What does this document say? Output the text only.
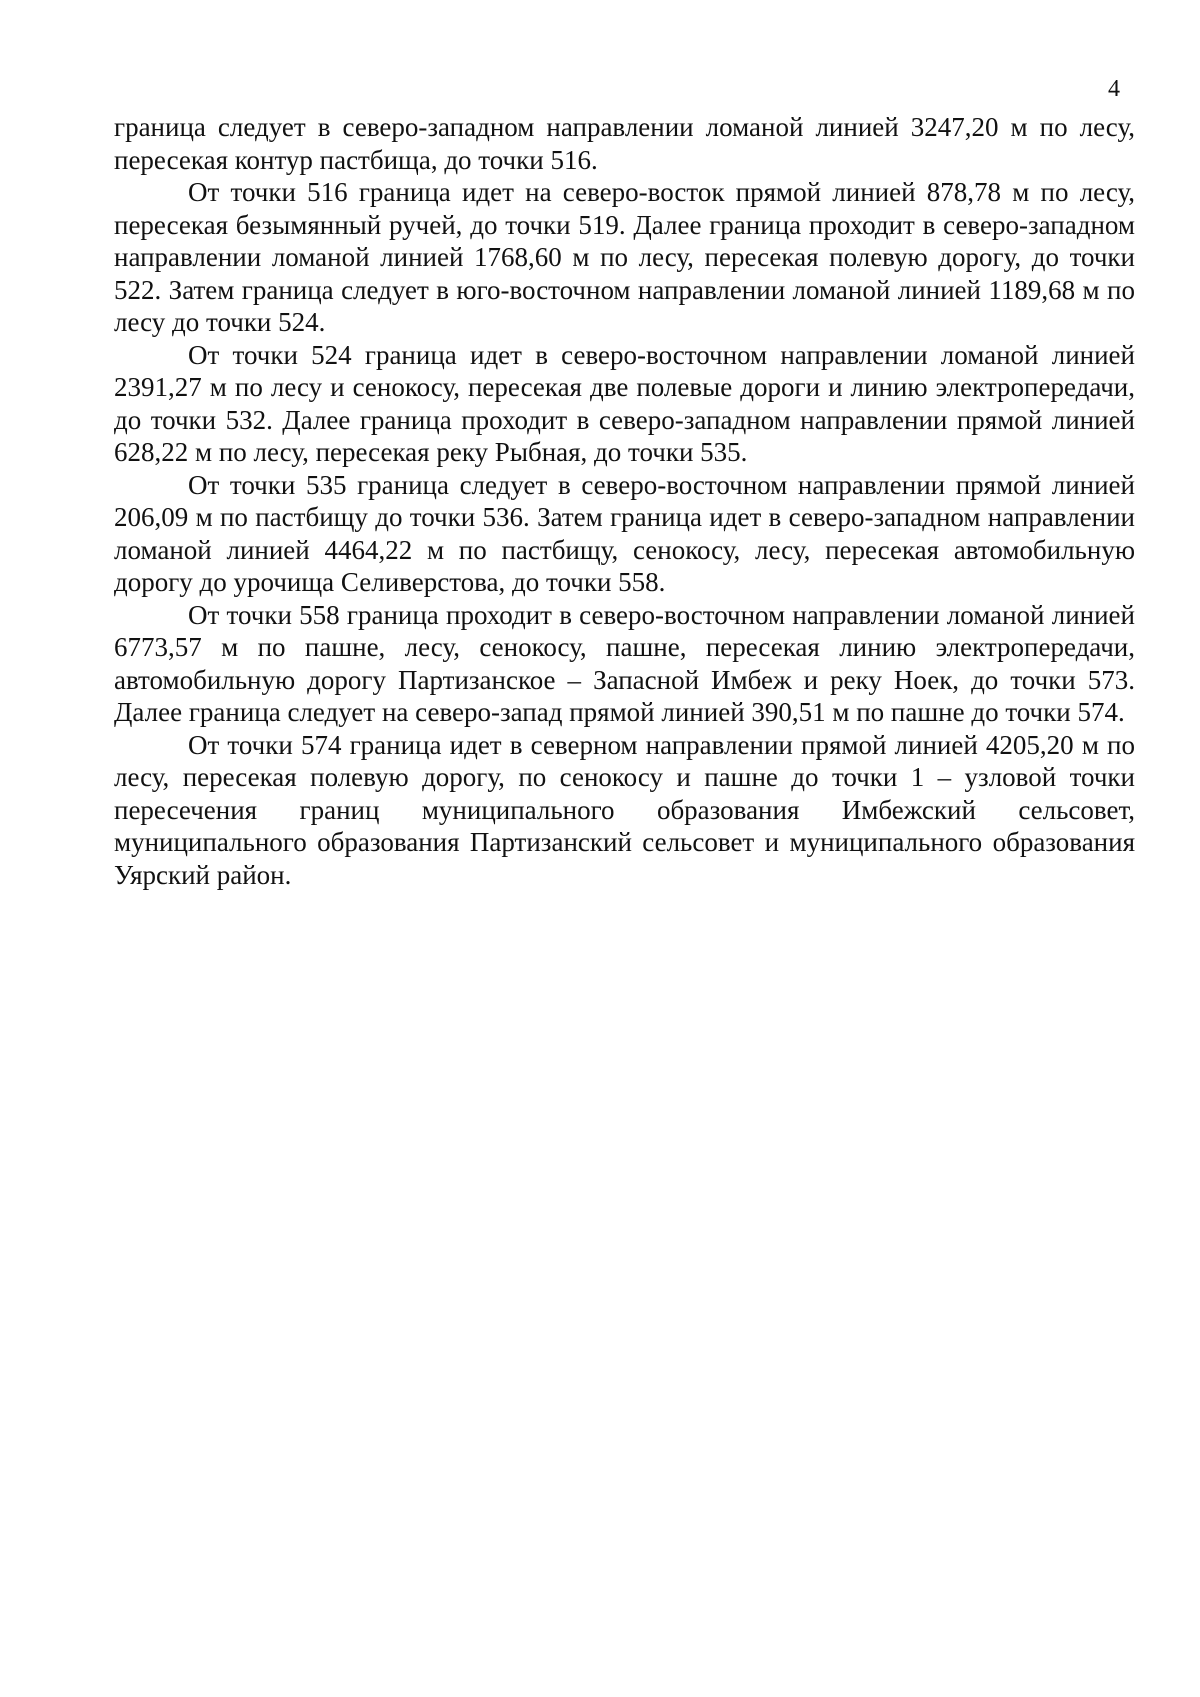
4

граница следует в северо-западном направлении ломаной линией 3247,20 м по лесу, пересекая контур пастбища, до точки 516.

От точки 516 граница идет на северо-восток прямой линией 878,78 м по лесу, пересекая безымянный ручей, до точки 519. Далее граница проходит в северо-западном направлении ломаной линией 1768,60 м по лесу, пересекая полевую дорогу, до точки 522. Затем граница следует в юго-восточном направлении ломаной линией 1189,68 м по лесу до точки 524.

От точки 524 граница идет в северо-восточном направлении ломаной линией 2391,27 м по лесу и сенокосу, пересекая две полевые дороги и линию электропередачи, до точки 532. Далее граница проходит в северо-западном направлении прямой линией 628,22 м по лесу, пересекая реку Рыбная, до точки 535.

От точки 535 граница следует в северо-восточном направлении прямой линией 206,09 м по пастбищу до точки 536. Затем граница идет в северо-западном направлении ломаной линией 4464,22 м по пастбищу, сенокосу, лесу, пересекая автомобильную дорогу до урочища Селиверстова, до точки 558.

От точки 558 граница проходит в северо-восточном направлении ломаной линией 6773,57 м по пашне, лесу, сенокосу, пашне, пересекая линию электропередачи, автомобильную дорогу Партизанское – Запасной Имбеж и реку Ноек, до точки 573. Далее граница следует на северо-запад прямой линией 390,51 м по пашне до точки 574.

От точки 574 граница идет в северном направлении прямой линией 4205,20 м по лесу, пересекая полевую дорогу, по сенокосу и пашне до точки 1 – узловой точки пересечения границ муниципального образования Имбежский сельсовет, муниципального образования Партизанский сельсовет и муниципального образования Уярский район.
